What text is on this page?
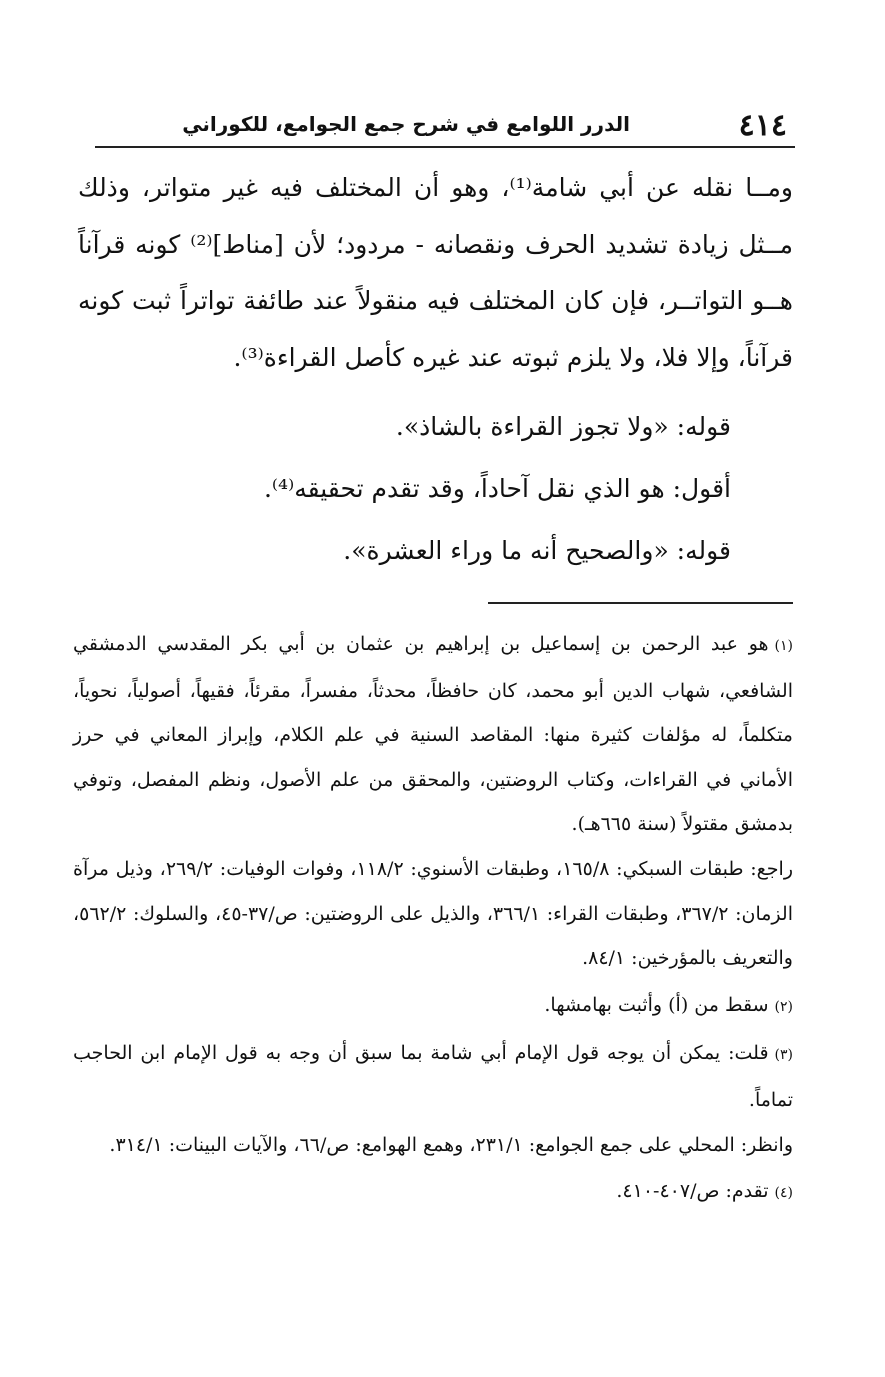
٤١٤
الدرر اللوامع في شرح جمع الجوامع، للكوراني

ومــا نقله عن أبي شامة⁽¹⁾، وهو أن المختلف فيه غير متواتر، وذلك مــثل زيادة تشديد الحرف ونقصانه - مردود؛ لأن [مناط]⁽²⁾ كونه قرآناً هــو التواتــر، فإن كان المختلف فيه منقولاً عند طائفة تواتراً ثبت كونه قرآناً، وإلا فلا، ولا يلزم ثبوته عند غيره كأصل القراءة⁽³⁾.

قوله: «ولا تجوز القراءة بالشاذ».

أقول: هو الذي نقل آحاداً، وقد تقدم تحقيقه⁽⁴⁾.

قوله: «والصحيح أنه ما وراء العشرة».

(١)هو عبد الرحمن بن إسماعيل بن إبراهيم بن عثمان بن أبي بكر المقدسي الدمشقي الشافعي، شهاب الدين أبو محمد، كان حافظاً، محدثاً، مفسراً، مقرئاً، فقيهاً، أصولياً، نحوياً، متكلماً، له مؤلفات كثيرة منها: المقاصد السنية في علم الكلام، وإبراز المعاني في حرز الأماني في القراءات، وكتاب الروضتين، والمحقق من علم الأصول، ونظم المفصل، وتوفي بدمشق مقتولاً (سنة ٦٦٥هـ).

راجع: طبقات السبكي: ١٦٥/٨، وطبقات الأسنوي: ١١٨/٢، وفوات الوفيات: ٢٦٩/٢، وذيل مرآة الزمان: ٣٦٧/٢، وطبقات القراء: ٣٦٦/١، والذيل على الروضتين: ص/٣٧-٤٥، والسلوك: ٥٦٢/٢، والتعريف بالمؤرخين: ٨٤/١.

(٢)سقط من (أ) وأثبت بهامشها.

(٣)قلت: يمكن أن يوجه قول الإمام أبي شامة بما سبق أن وجه به قول الإمام ابن الحاجب تماماً.

وانظر: المحلي على جمع الجوامع: ٢٣١/١، وهمع الهوامع: ص/٦٦، والآيات البينات: ٣١٤/١.

(٤)تقدم: ص/٤٠٧-٤١٠.
